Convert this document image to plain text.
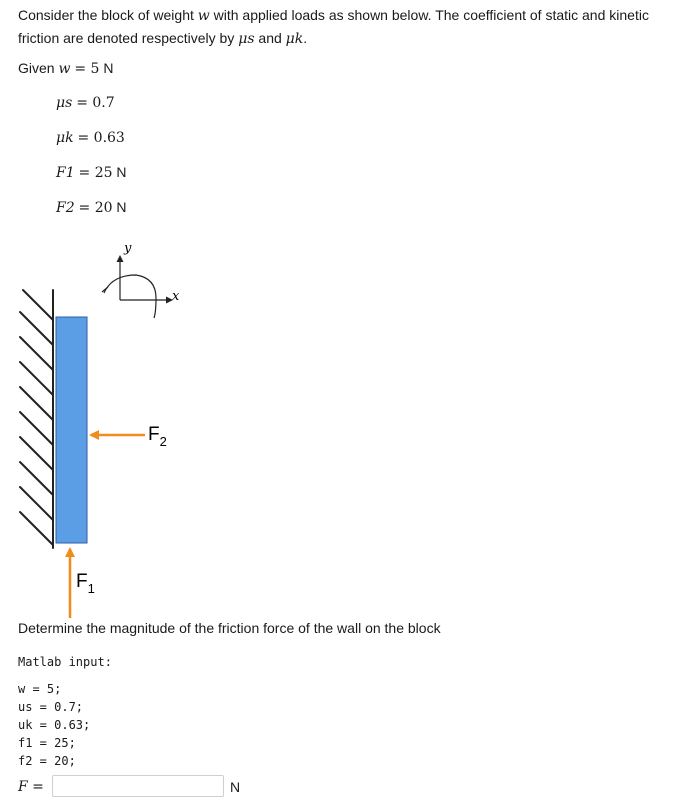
Consider the block of weight w with applied loads as shown below. The coefficient of static and kinetic friction are denoted respectively by μs and μk.
Given w = 5 N
μs = 0.7
μk = 0.63
F1 = 25 N
F2 = 20 N
y
x
$F_2$
$F_1$
Determine the magnitude of the friction force of the wall on the block
Matlab input:
w = 5;
us = 0.7;
uk = 0.63;
f1 = 25;
f2 = 20;
F =	N
